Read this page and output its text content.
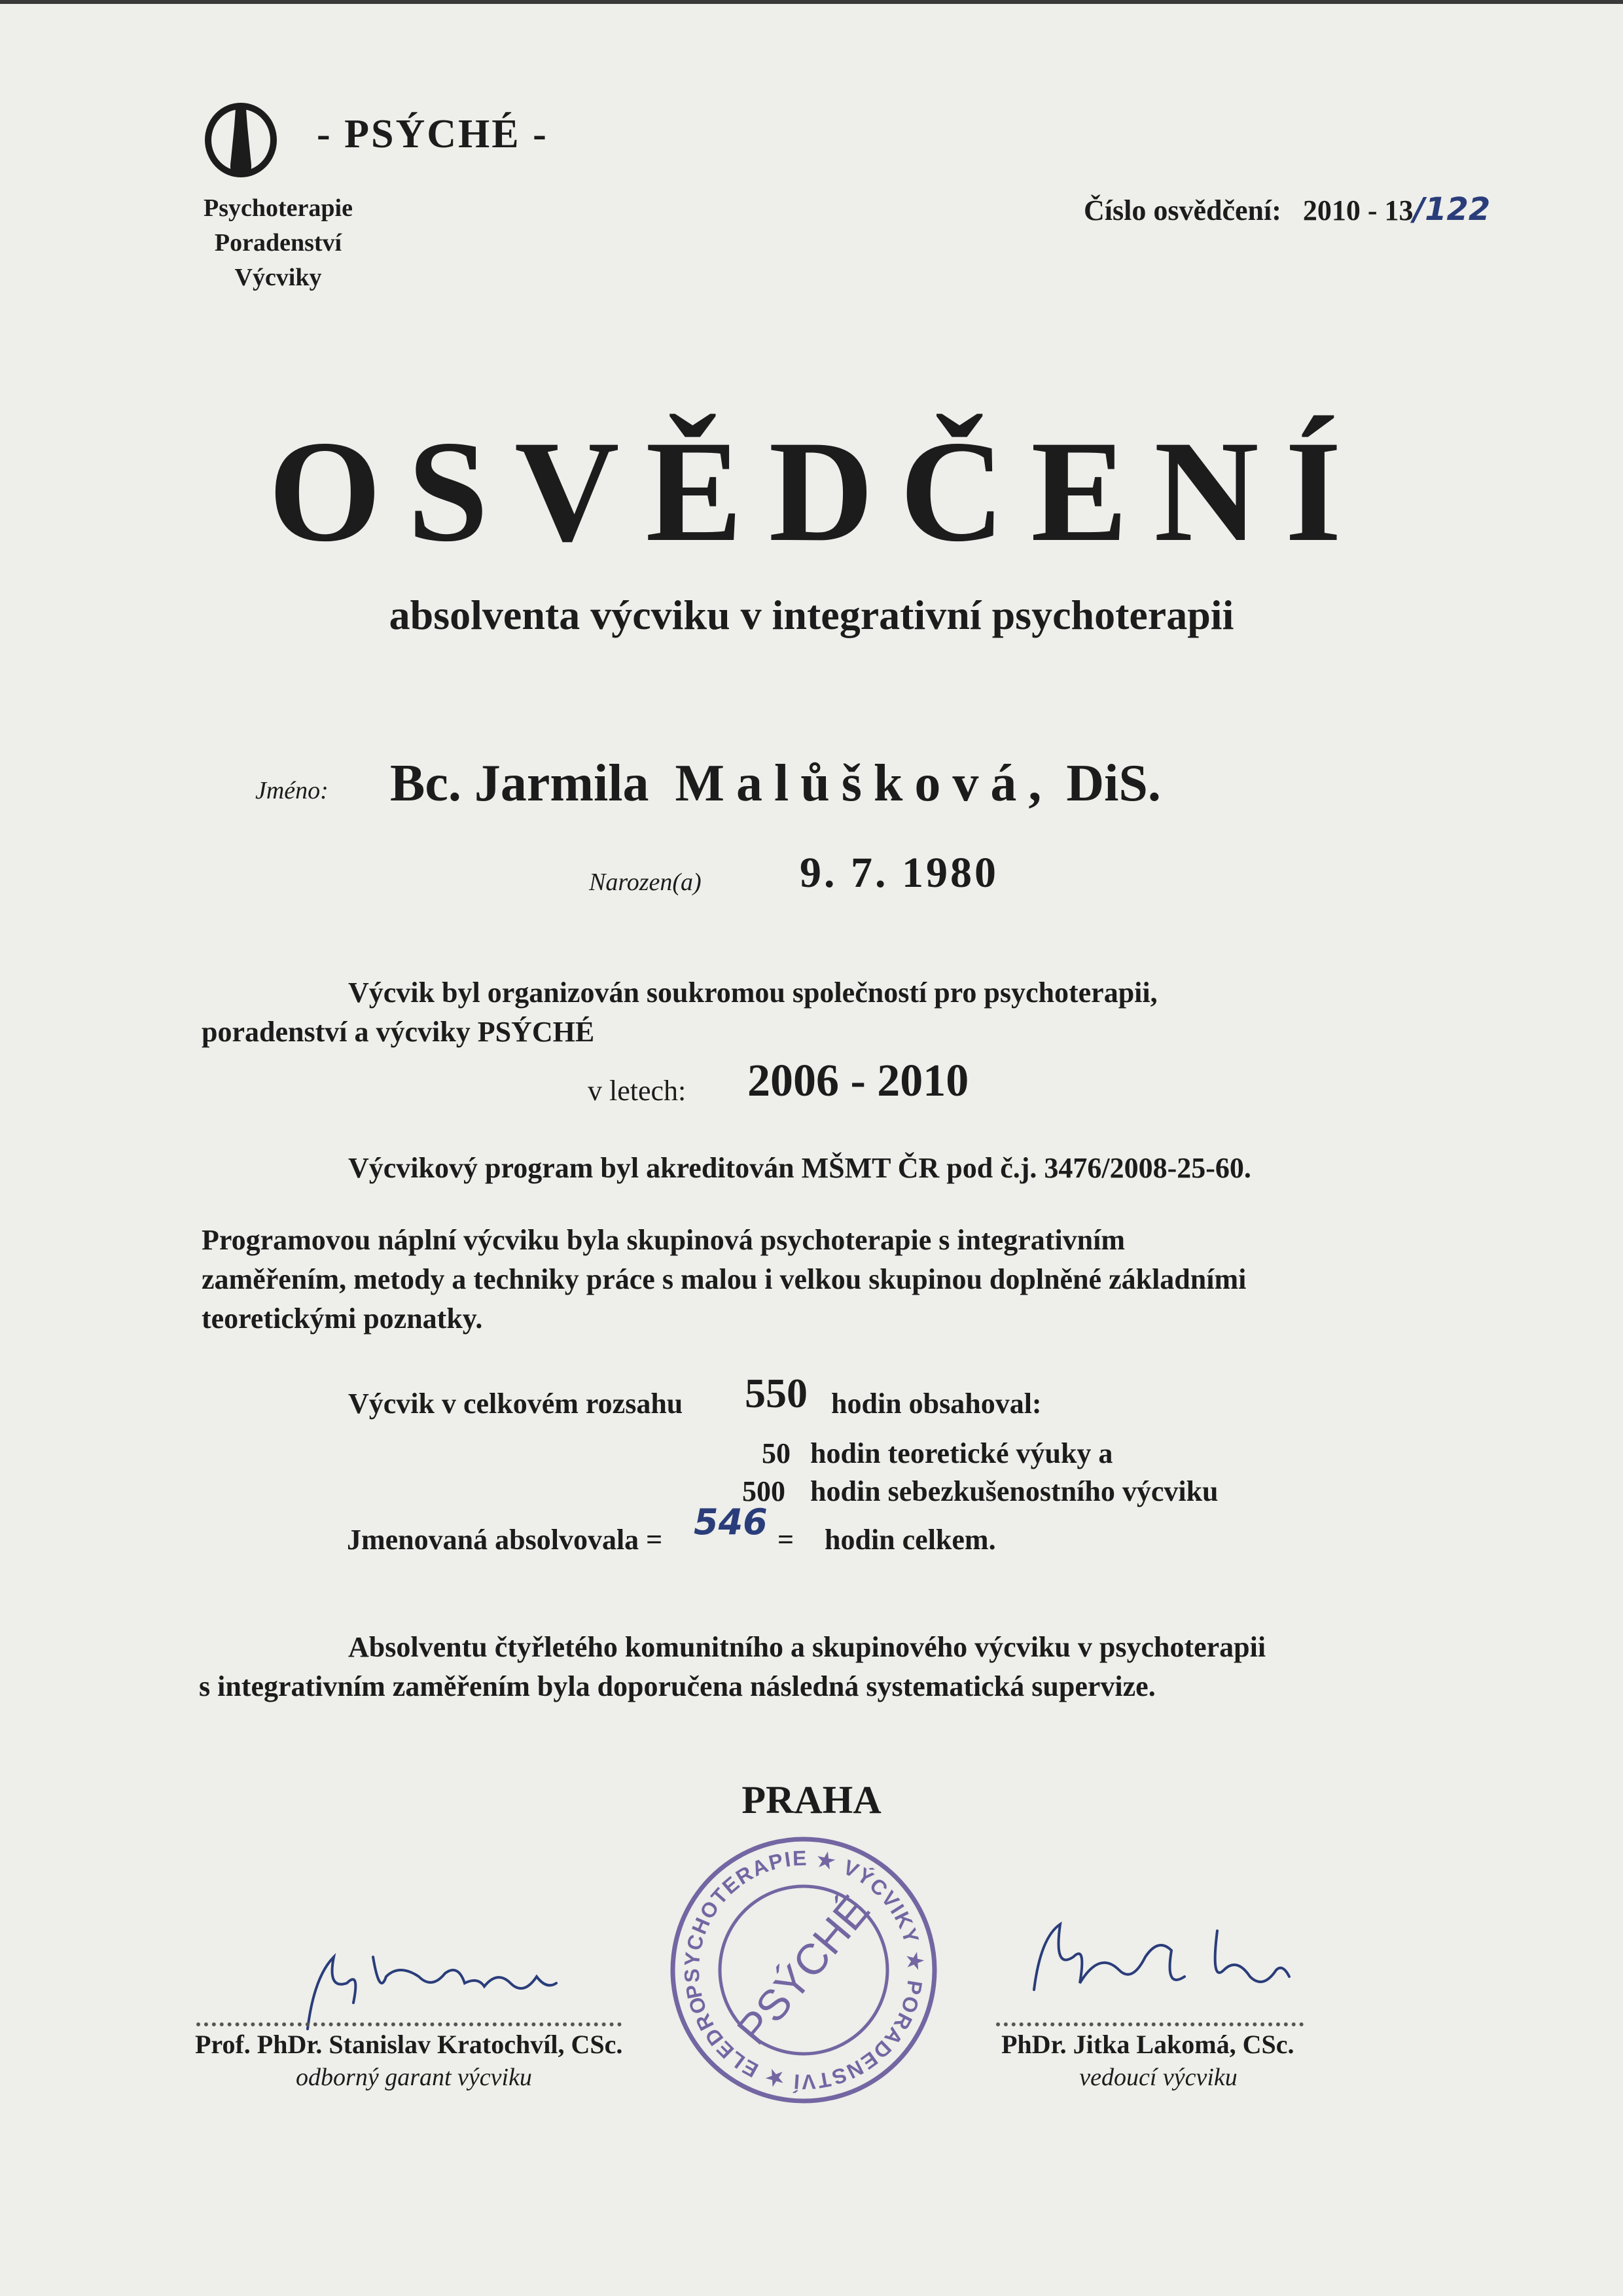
- PSÝCHÉ -
Psychoterapie
Poradenství
Výcviky
Číslo osvědčení: 2010 - 13/122
OSVĚDČENÍ
absolventa výcviku v integrativní psychoterapii
Jméno: Bc. Jarmila Malůšková, DiS.
Narozen(a) 9. 7. 1980
Výcvik byl organizován soukromou společností pro psychoterapii,
poradenství a výcviky PSÝCHÉ
v letech: 2006 - 2010
Výcvikový program byl akreditován MŠMT ČR pod č.j. 3476/2008-25-60.
Programovou náplní výcviku byla skupinová psychoterapie s integrativním
zaměřením, metody a techniky práce s malou i velkou skupinou doplněné základními
teoretickými poznatky.
Výcvik v celkovém rozsahu 550 hodin obsahoval:
50 hodin teoretické výuky a
500 hodin sebezkušenostního výcviku
Jmenovaná absolvovala = 546 = hodin celkem.
Absolventu čtyřletého komunitního a skupinového výcviku v psychoterapii
s integrativním zaměřením byla doporučena následná systematická supervize.
PRAHA
Prof. PhDr. Stanislav Kratochvíl, CSc.
odborný garant výcviku
PSYCHOTERAPIE ★ VÝCVIKY ★ PORADENSTVÍ ★ ELEDROVA
PSÝCHÉ	PhDr. Jitka Lakomá, CSc.
vedoucí výcviku
